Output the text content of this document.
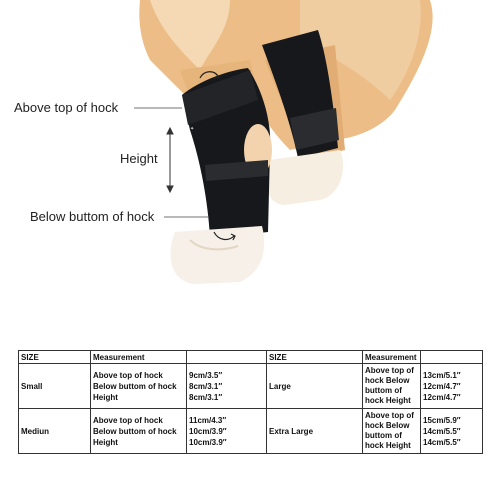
✦
Above top of hock
Height
Below buttom of hock
SIZE	Measurement		SIZE	Measurement	
Small	Above top of hock
Below buttom of hock
Height	9cm/3.5″
8cm/3.1″
8cm/3.1″	Large	Above top of
hock Below
buttom of
hock Height	13cm/5.1″
12cm/4.7″
12cm/4.7″

Mediun	Above top of hock
Below buttom of hock
Height	11cm/4.3″
10cm/3.9″
10cm/3.9″	Extra Large	Above top of
hock Below
buttom of
hock Height	15cm/5.9″
14cm/5.5″
14cm/5.5″
